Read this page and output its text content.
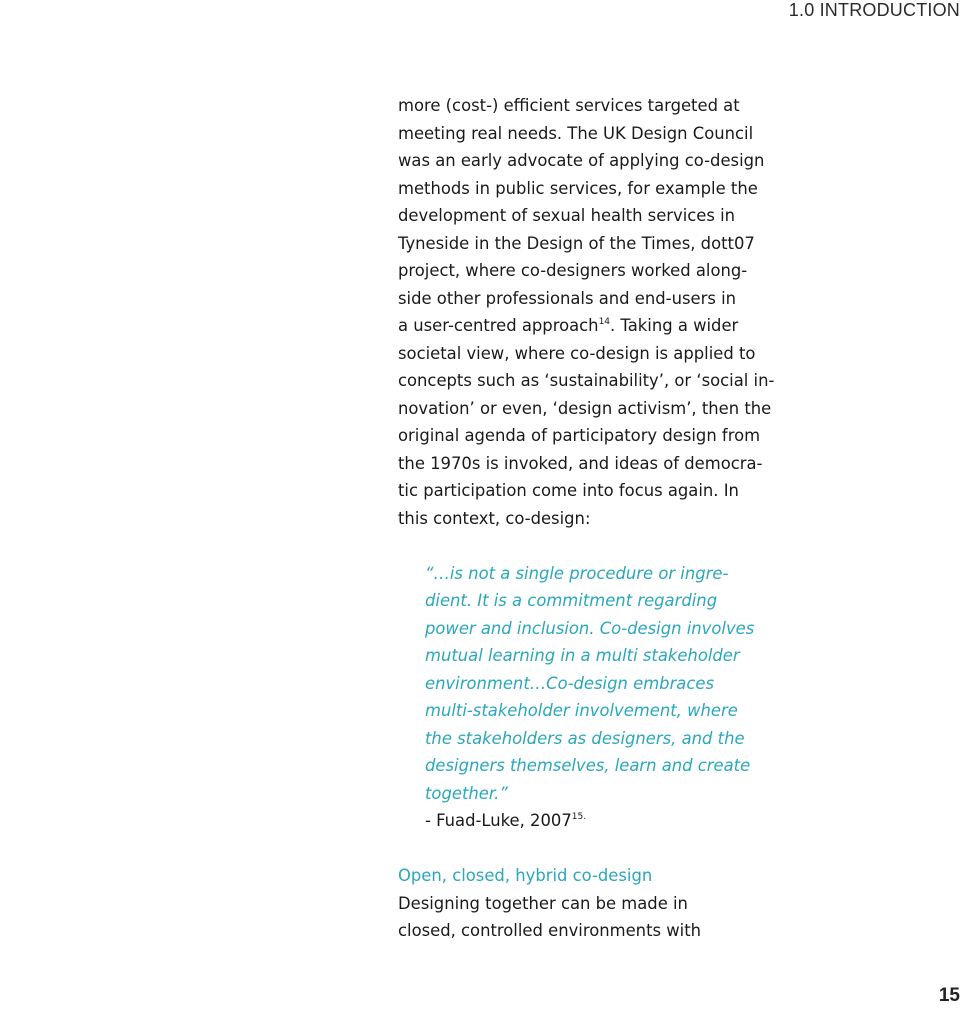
1.0 INTRODUCTION
more (cost-) efficient services targeted at
meeting real needs. The UK Design Council
was an early advocate of applying co-design
methods in public services, for example the
development of sexual health services in
Tyneside in the Design of the Times, dott07
project, where co-designers worked along-
side other professionals and end-users in
a user-centred approach$^{14}$. Taking a wider
societal view, where co-design is applied to
concepts such as ‘sustainability’, or ‘social in-
novation’ or even, ‘design activism’, then the
original agenda of participatory design from
the 1970s is invoked, and ideas of democra-
tic participation come into focus again. In
this context, co-design:
“…is not a single procedure or ingre-
dient. It is a commitment regarding
power and inclusion. Co-design involves
mutual learning in a multi stakeholder
environment…Co-design embraces
multi-stakeholder involvement, where
the stakeholders as designers, and the
designers themselves, learn and create
together.”
- Fuad-Luke, $2007^{15.}$
Open, closed, hybrid co-design
Designing together can be made in
closed, controlled environments with
15
